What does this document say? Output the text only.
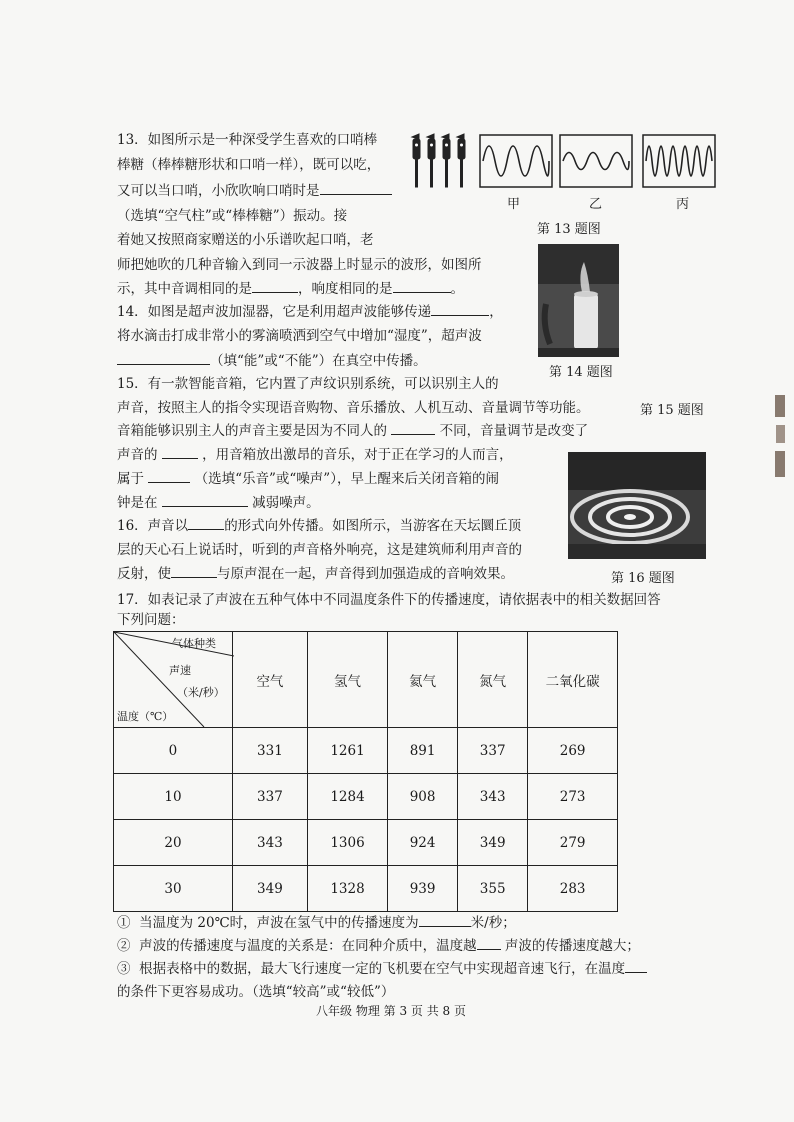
13．如图所示是一种深受学生喜欢的口哨棒
棒糖（棒棒糖形状和口哨一样），既可以吃，
又可以当口哨，小欣吹响口哨时是
（选填“空气柱”或“棒棒糖”）振动。接
着她又按照商家赠送的小乐谱吹起口哨，老
师把她吹的几种音输入到同一示波器上时显示的波形，如图所
示，其中音调相同的是	，响度相同的是	。
甲	乙	丙
第 13 题图
14．如图是超声波加湿器，它是利用超声波能够传递	，
将水滴击打成非常小的雾滴喷洒到空气中增加“湿度”，超声波
（填“能”或“不能”）在真空中传播。
第 14 题图
15．有一款智能音箱，它内置了声纹识别系统，可以识别主人的
声音，按照主人的指令实现语音购物、音乐播放、人机互动、音量调节等功能。	第 15 题图
音箱能够识别主人的声音主要是因为不同人的	不同，音量调节是改变了
声音的	，用音箱放出激昂的音乐，对于正在学习的人而言，
属于	（选填“乐音”或“噪声”），早上醒来后关闭音箱的闹
钟是在	减弱噪声。
16．声音以	的形式向外传播。如图所示，当游客在天坛圜丘顶
层的天心石上说话时，听到的声音格外响亮，这是建筑师利用声音的
反射，使	与原声混在一起，声音得到加强造成的音响效果。	第 16 题图
17．如表记录了声波在五种气体中不同温度条件下的传播速度，请依据表中的相关数据回答
下列问题：
气体种类
声速
（米/秒）
温度（℃）	空气	氢气	氦气	氮气	二氧化碳
0	331	1261	891	337	269
10	337	1284	908	343	273
20	343	1306	924	349	279
30	349	1328	939	355	283
① 当温度为 20℃时，声波在氢气中的传播速度为	米/秒；
② 声波的传播速度与温度的关系是：在同种介质中，温度越 声波的传播速度越大；
③ 根据表格中的数据，最大飞行速度一定的飞机要在空气中实现超音速飞行，在温度
的条件下更容易成功。（选填“较高”或“较低”）
八年级 物理 第 3 页 共 8 页
